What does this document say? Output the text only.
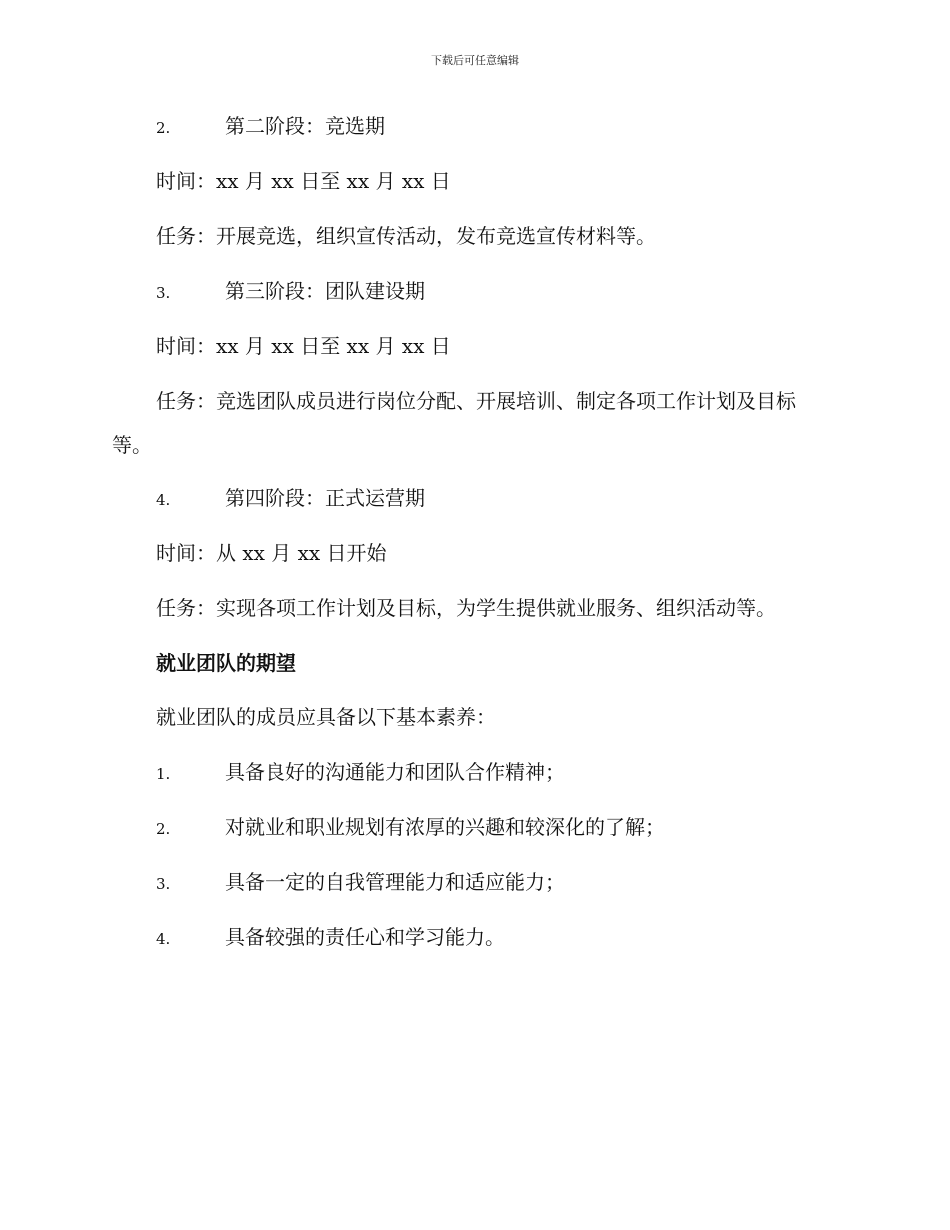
下载后可任意编辑
2.	第二阶段：竞选期
时间：xx 月 xx 日至 xx 月 xx 日
任务：开展竞选，组织宣传活动，发布竞选宣传材料等。
3.	第三阶段：团队建设期
时间：xx 月 xx 日至 xx 月 xx 日
任务：竞选团队成员进行岗位分配、开展培训、制定各项工作计划及目标等。
4.	第四阶段：正式运营期
时间：从 xx 月 xx 日开始
任务：实现各项工作计划及目标，为学生提供就业服务、组织活动等。
就业团队的期望
就业团队的成员应具备以下基本素养：
1.	具备良好的沟通能力和团队合作精神；
2.	对就业和职业规划有浓厚的兴趣和较深化的了解；
3.	具备一定的自我管理能力和适应能力；
4.	具备较强的责任心和学习能力。
